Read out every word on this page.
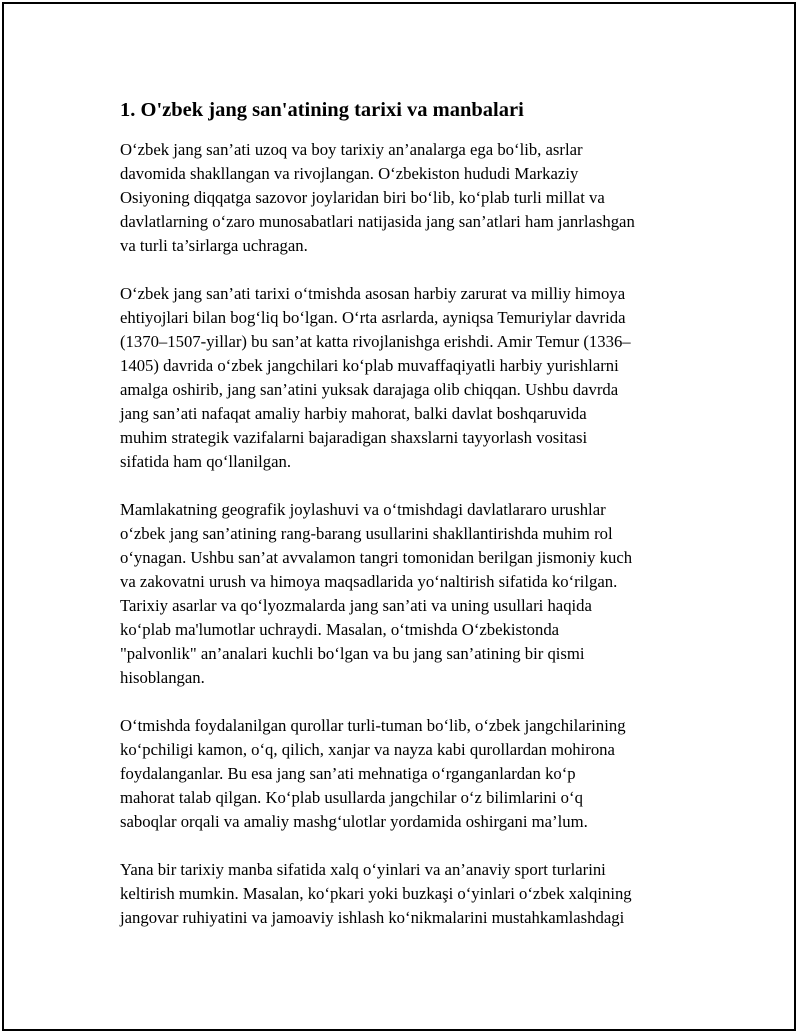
1. O'zbek jang san'atining tarixi va manbalari

O‘zbek jang san’ati uzoq va boy tarixiy an’analarga ega bo‘lib, asrlar
davomida shakllangan va rivojlangan. O‘zbekiston hududi Markaziy
Osiyoning diqqatga sazovor joylaridan biri bo‘lib, ko‘plab turli millat va
davlatlarning o‘zaro munosabatlari natijasida jang san’atlari ham janrlashgan
va turli ta’sirlarga uchragan.

O‘zbek jang san’ati tarixi o‘tmishda asosan harbiy zarurat va milliy himoya
ehtiyojlari bilan bog‘liq bo‘lgan. O‘rta asrlarda, ayniqsa Temuriylar davrida
(1370–1507-yillar) bu san’at katta rivojlanishga erishdi. Amir Temur (1336–
1405) davrida o‘zbek jangchilari ko‘plab muvaffaqiyatli harbiy yurishlarni
amalga oshirib, jang san’atini yuksak darajaga olib chiqqan. Ushbu davrda
jang san’ati nafaqat amaliy harbiy mahorat, balki davlat boshqaruvida
muhim strategik vazifalarni bajaradigan shaxslarni tayyorlash vositasi
sifatida ham qo‘llanilgan.

Mamlakatning geografik joylashuvi va o‘tmishdagi davlatlararo urushlar
o‘zbek jang san’atining rang-barang usullarini shakllantirishda muhim rol
o‘ynagan. Ushbu san’at avvalamon tangri tomonidan berilgan jismoniy kuch
va zakovatni urush va himoya maqsadlarida yo‘naltirish sifatida ko‘rilgan.
Tarixiy asarlar va qo‘lyozmalarda jang san’ati va uning usullari haqida
ko‘plab ma'lumotlar uchraydi. Masalan, o‘tmishda O‘zbekistonda
"palvonlik" an’analari kuchli bo‘lgan va bu jang san’atining bir qismi
hisoblangan.

O‘tmishda foydalanilgan qurollar turli-tuman bo‘lib, o‘zbek jangchilarining
ko‘pchiligi kamon, o‘q, qilich, xanjar va nayza kabi qurollardan mohirona
foydalanganlar. Bu esa jang san’ati mehnatiga o‘rganganlardan ko‘p
mahorat talab qilgan. Ko‘plab usullarda jangchilar o‘z bilimlarini o‘q
saboqlar orqali va amaliy mashg‘ulotlar yordamida oshirgani ma’lum.

Yana bir tarixiy manba sifatida xalq o‘yinlari va an’anaviy sport turlarini
keltirish mumkin. Masalan, ko‘pkari yoki buzkaşi o‘yinlari o‘zbek xalqining
jangovar ruhiyatini va jamoaviy ishlash ko‘nikmalarini mustahkamlashdagi
